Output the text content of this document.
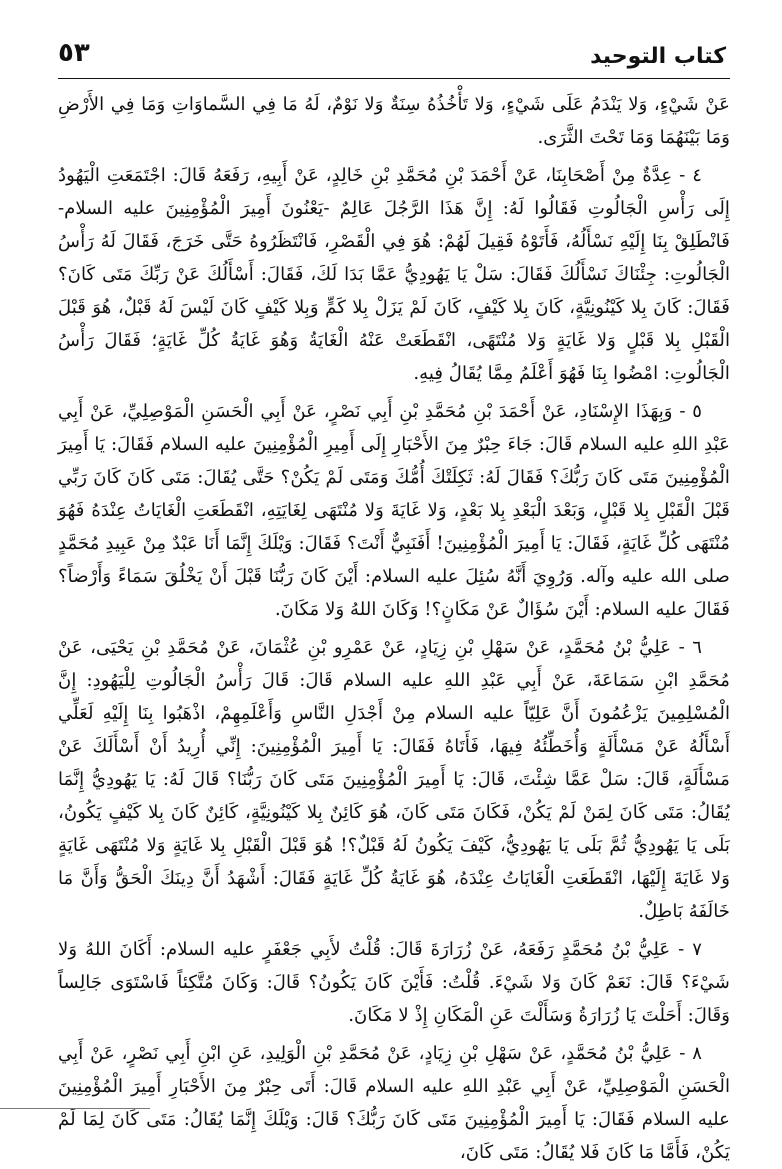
كتاب التوحيد
٥٣

عَنْ شَيْءٍ، وَلا يَنْدَمُ عَلَى شَيْءٍ، وَلا تَأْخُذُهُ سِنَةٌ وَلا نَوْمٌ، لَهُ مَا فِي السَّماوَاتِ وَمَا فِي الأَرْضِ وَمَا بَيْنَهُمَا وَمَا تَحْتَ الثَّرَى.

٤ - عِدَّةٌ مِنْ أَصْحَابِنَا، عَنْ أَحْمَدَ بْنِ مُحَمَّدِ بْنِ خَالِدٍ، عَنْ أَبِيهِ، رَفَعَهُ قَالَ: اجْتَمَعَتِ الْيَهُودُ إِلَى رَأْسِ الْجَالُوتِ فَقَالُوا لَهُ: إِنَّ هَذَا الرَّجُلَ عَالِمٌ -يَعْنُونَ أَمِيرَ الْمُؤْمِنِينَ عليه السلام- فَانْطَلِقْ بِنَا إِلَيْهِ نَسْأَلُهُ، فَأَتَوْهُ فَقِيلَ لَهُمْ: هُوَ فِي الْقَصْرِ، فَانْتَظَرُوهُ حَتَّى خَرَجَ، فَقَالَ لَهُ رَأْسُ الْجَالُوتِ: جِئْنَاكَ نَسْأَلُكَ فَقَالَ: سَلْ يَا يَهُودِيُّ عَمَّا بَدَا لَكَ، فَقَالَ: أَسْأَلُكَ عَنْ رَبِّكَ مَتَى كَانَ؟ فَقَالَ: كَانَ بِلا كَيْنُونِيَّةٍ، كَانَ بِلا كَيْفٍ، كَانَ لَمْ يَزَلْ بِلا كَمٍّ وَبِلا كَيْفٍ كَانَ لَيْسَ لَهُ قَبْلٌ، هُوَ قَبْلَ الْقَبْلِ بِلا قَبْلٍ وَلا غَايَةٍ وَلا مُنْتَهًى، انْقَطَعَتْ عَنْهُ الْغَايَةُ وَهُوَ غَايَةُ كُلِّ غَايَةٍ؛ فَقَالَ رَأْسُ الْجَالُوتِ: امْضُوا بِنَا فَهُوَ أَعْلَمُ مِمَّا يُقَالُ فِيهِ.

٥ - وَبِهَذَا الإِسْنَادِ، عَنْ أَحْمَدَ بْنِ مُحَمَّدِ بْنِ أَبِي نَصْرٍ، عَنْ أَبِي الْحَسَنِ الْمَوْصِلِيِّ، عَنْ أَبِي عَبْدِ اللهِ عليه السلام قَالَ: جَاءَ حِبْرٌ مِنَ الأَحْبَارِ إِلَى أَمِيرِ الْمُؤْمِنِينَ عليه السلام فَقَالَ: يَا أَمِيرَ الْمُؤْمِنِينَ مَتَى كَانَ رَبُّكَ؟ فَقَالَ لَهُ: ثَكِلَتْكَ أُمُّكَ وَمَتَى لَمْ يَكُنْ؟ حَتَّى يُقَالَ: مَتَى كَانَ كَانَ رَبِّي قَبْلَ الْقَبْلِ بِلا قَبْلٍ، وَبَعْدَ الْبَعْدِ بِلا بَعْدٍ، وَلا غَايَةَ وَلا مُنْتَهَى لِغَايَتِهِ، انْقَطَعَتِ الْغَايَاتُ عِنْدَهُ فَهُوَ مُنْتَهَى كُلِّ غَايَةٍ، فَقَالَ: يَا أَمِيرَ الْمُؤْمِنِينَ! أَفَنَبِيٌّ أَنْتَ؟ فَقَالَ: وَيْلَكَ إِنَّمَا أَنَا عَبْدٌ مِنْ عَبِيدِ مُحَمَّدٍ صلى الله عليه وآله. وَرُوِيَ أَنَّهُ سُئِلَ عليه السلام: أَيْنَ كَانَ رَبُّنَا قَبْلَ أَنْ يَخْلُقَ سَمَاءً وَأَرْضاً؟ فَقَالَ عليه السلام: أَيْنَ سُؤَالٌ عَنْ مَكَانٍ؟! وَكَانَ اللهُ وَلا مَكَانَ.

٦ - عَلِيُّ بْنُ مُحَمَّدٍ، عَنْ سَهْلِ بْنِ زِيَادٍ، عَنْ عَمْرِو بْنِ عُثْمَانَ، عَنْ مُحَمَّدِ بْنِ يَحْيَى، عَنْ مُحَمَّدِ ابْنِ سَمَاعَةَ، عَنْ أَبِي عَبْدِ اللهِ عليه السلام قَالَ: قَالَ رَأْسُ الْجَالُوتِ لِلْيَهُودِ: إِنَّ الْمُسْلِمِينَ يَزْعُمُونَ أَنَّ عَلِيّاً عليه السلام مِنْ أَجْدَلِ النَّاسِ وَأَعْلَمِهِمْ، اذْهَبُوا بِنَا إِلَيْهِ لَعَلِّي أَسْأَلُهُ عَنْ مَسْأَلَةٍ وَأُخَطِّئُهُ فِيهَا، فَأَتَاهُ فَقَالَ: يَا أَمِيرَ الْمُؤْمِنِينَ: إِنِّي أُرِيدُ أَنْ أَسْأَلَكَ عَنْ مَسْأَلَةٍ، قَالَ: سَلْ عَمَّا شِئْتَ، قَالَ: يَا أَمِيرَ الْمُؤْمِنِينَ مَتَى كَانَ رَبُّنَا؟ قَالَ لَهُ: يَا يَهُودِيُّ إِنَّمَا يُقَالُ: مَتَى كَانَ لِمَنْ لَمْ يَكُنْ، فَكَانَ مَتَى كَانَ، هُوَ كَائِنٌ بِلا كَيْنُونِيَّةٍ، كَائِنٌ كَانَ بِلا كَيْفٍ يَكُونُ، بَلَى يَا يَهُودِيُّ ثُمَّ بَلَى يَا يَهُودِيُّ، كَيْفَ يَكُونُ لَهُ قَبْلٌ؟! هُوَ قَبْلَ الْقَبْلِ بِلا غَايَةٍ وَلا مُنْتَهَى غَايَةٍ وَلا غَايَةَ إِلَيْهَا، انْقَطَعَتِ الْغَايَاتُ عِنْدَهُ، هُوَ غَايَةُ كُلِّ غَايَةٍ فَقَالَ: أَشْهَدُ أَنَّ دِينَكَ الْحَقُّ وَأَنَّ مَا خَالَفَهُ بَاطِلٌ.

٧ - عَلِيُّ بْنُ مُحَمَّدٍ رَفَعَهُ، عَنْ زُرَارَةَ قَالَ: قُلْتُ لأَبِي جَعْفَرٍ عليه السلام: أَكَانَ اللهُ وَلا شَيْءَ؟ قَالَ: نَعَمْ كَانَ وَلا شَيْءَ. قُلْتُ: فَأَيْنَ كَانَ يَكُونُ؟ قَالَ: وَكَانَ مُتَّكِئاً فَاسْتَوَى جَالِساً وَقَالَ: أَحَلْتَ يَا زُرَارَةُ وَسَأَلْتَ عَنِ الْمَكَانِ إِذْ لا مَكَانَ.

٨ - عَلِيُّ بْنُ مُحَمَّدٍ، عَنْ سَهْلِ بْنِ زِيَادٍ، عَنْ مُحَمَّدِ بْنِ الْوَلِيدِ، عَنِ ابْنِ أَبِي نَصْرٍ، عَنْ أَبِي الْحَسَنِ الْمَوْصِلِيِّ، عَنْ أَبِي عَبْدِ اللهِ عليه السلام قَالَ: أَتَى حِبْرٌ مِنَ الأَحْبَارِ أَمِيرَ الْمُؤْمِنِينَ عليه السلام فَقَالَ: يَا أَمِيرَ الْمُؤْمِنِينَ مَتَى كَانَ رَبُّكَ؟ قَالَ: وَيْلَكَ إِنَّمَا يُقَالُ: مَتَى كَانَ لِمَا لَمْ يَكُنْ، فَأَمَّا مَا كَانَ فَلا يُقَالُ: مَتَى كَانَ،
